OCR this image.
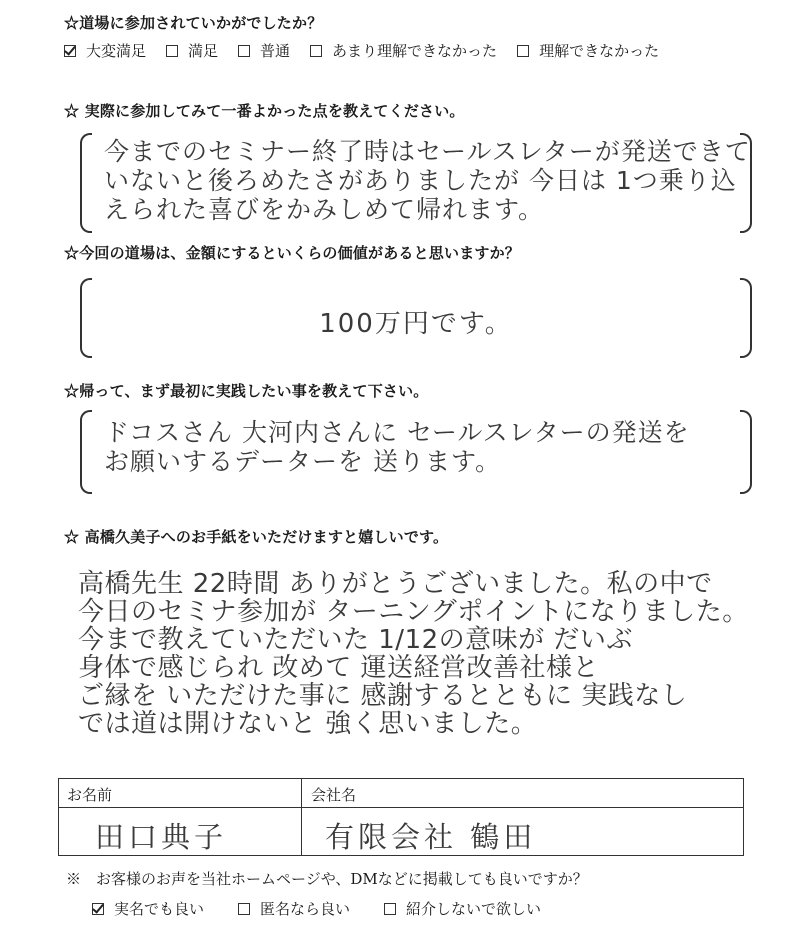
☆道場に参加されていかがでしたか？
大変満足	満足	普通	あまり理解できなかった	理解できなかった
☆ 実際に参加してみて一番よかった点を教えてください。
今までのセミナー終了時はセールスレターが発送できて
いないと後ろめたさがありましたが 今日は 1つ乗り込
えられた喜びをかみしめて帰れます。
☆今回の道場は、金額にするといくらの価値があると思いますか？
100万円です。
☆帰って、まず最初に実践したい事を教えて下さい。
ドコスさん 大河内さんに セールスレターの発送を
お願いするデーターを 送ります。
☆ 高橋久美子へのお手紙をいただけますと嬉しいです。
高橋先生 22時間 ありがとうございました。私の中で
今日のセミナ参加が ターニングポイントになりました。
今まで教えていただいた 1/12の意味が だいぶ
身体で感じられ 改めて 運送経営改善社様と
ご縁を いただけた事に 感謝するとともに 実践なし
では道は開けないと 強く思いました。
お名前	会社名
田口典子	有限会社 鶴田
※　お客様のお声を当社ホームページや、DMなどに掲載しても良いですか？
実名でも良い	匿名なら良い	紹介しないで欲しい
